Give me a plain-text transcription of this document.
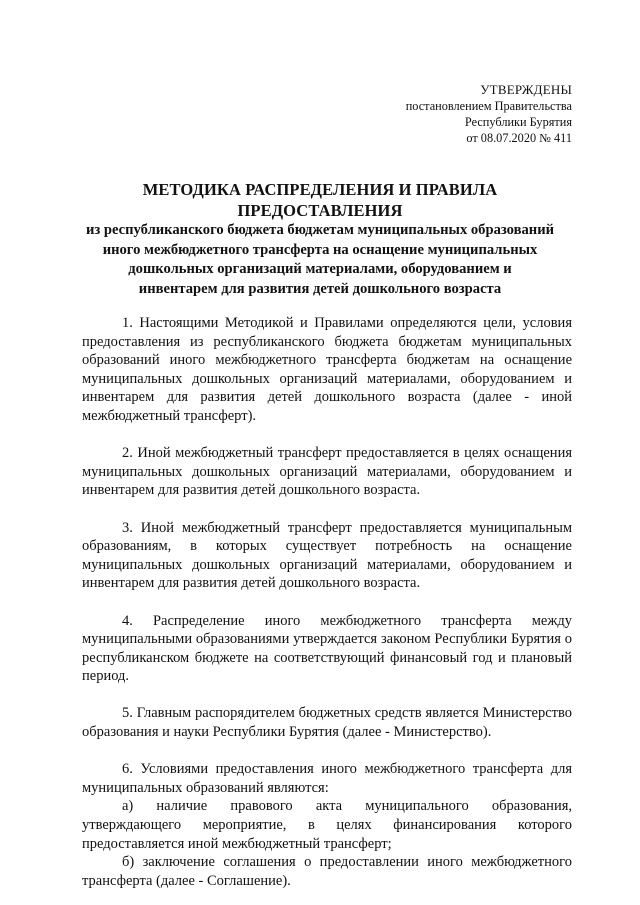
УТВЕРЖДЕНЫ
постановлением Правительства
Республики Бурятия
от 08.07.2020 № 411
МЕТОДИКА РАСПРЕДЕЛЕНИЯ И ПРАВИЛА ПРЕДОСТАВЛЕНИЯ
из республиканского бюджета бюджетам муниципальных образований
иного межбюджетного трансферта на оснащение муниципальных
дошкольных организаций материалами, оборудованием и
инвентарем для развития детей дошкольного возраста

1. Настоящими Методикой и Правилами определяются цели, условия предоставления из республиканского бюджета бюджетам муниципальных образований иного межбюджетного трансферта бюджетам на оснащение муниципальных дошкольных организаций материалами, оборудованием и инвентарем для развития детей дошкольного возраста (далее - иной межбюджетный трансферт).

2. Иной межбюджетный трансферт предоставляется в целях оснащения муниципальных дошкольных организаций материалами, оборудованием и инвентарем для развития детей дошкольного возраста.

3. Иной межбюджетный трансферт предоставляется муниципальным образованиям, в которых существует потребность на оснащение муниципальных дошкольных организаций материалами, оборудованием и инвентарем для развития детей дошкольного возраста.

4. Распределение иного межбюджетного трансферта между муниципальными образованиями утверждается законом Республики Бурятия о республиканском бюджете на соответствующий финансовый год и плановый период.

5. Главным распорядителем бюджетных средств является Министерство образования и науки Республики Бурятия (далее - Министерство).

6. Условиями предоставления иного межбюджетного трансферта для муниципальных образований являются:

а) наличие правового акта муниципального образования, утверждающего мероприятие, в целях финансирования которого предоставляется иной межбюджетный трансферт;

б) заключение соглашения о предоставлении иного межбюджетного трансферта (далее - Соглашение).
